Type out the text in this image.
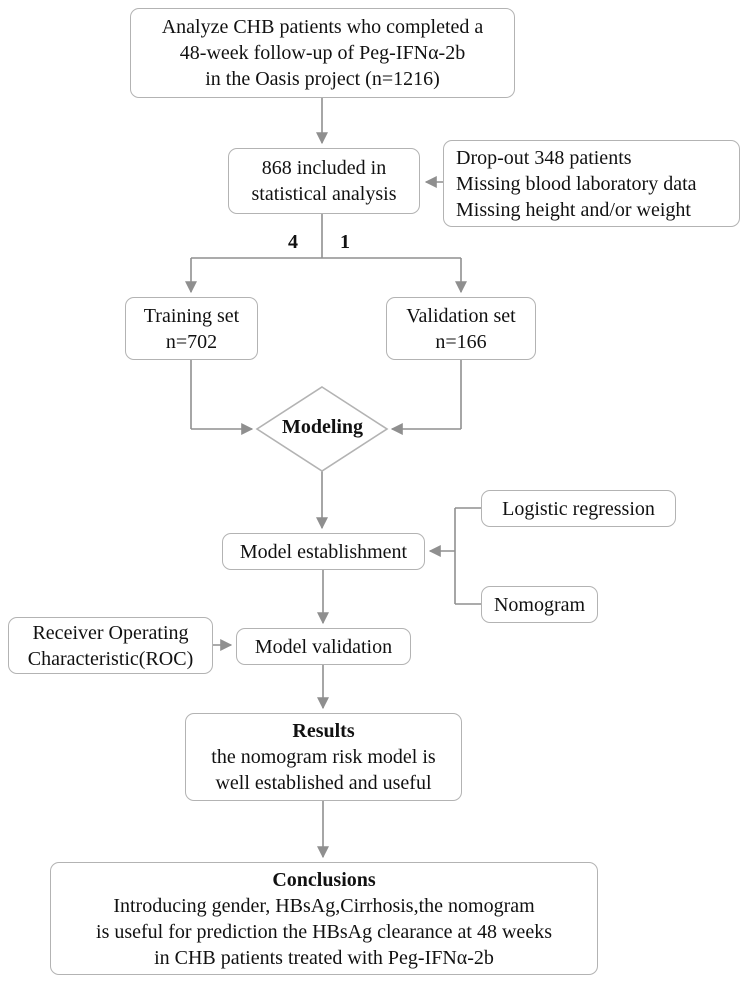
Analyze CHB patients who completed a
48-week follow-up of Peg-IFNα-2b
in the Oasis project (n=1216)
868 included in
statistical analysis
Drop-out 348 patients
Missing blood laboratory data
Missing height and/or weight
4 1
Training set
n=702
Validation set
n=166
Modeling
Model establishment
Logistic regression
Nomogram
Receiver Operating
Characteristic(ROC)
Model validation
Results
the nomogram risk model is
well established and useful
Conclusions
Introducing gender, HBsAg,Cirrhosis,the nomogram
is useful for prediction the HBsAg clearance at 48 weeks
in CHB patients treated with Peg-IFNα-2b
